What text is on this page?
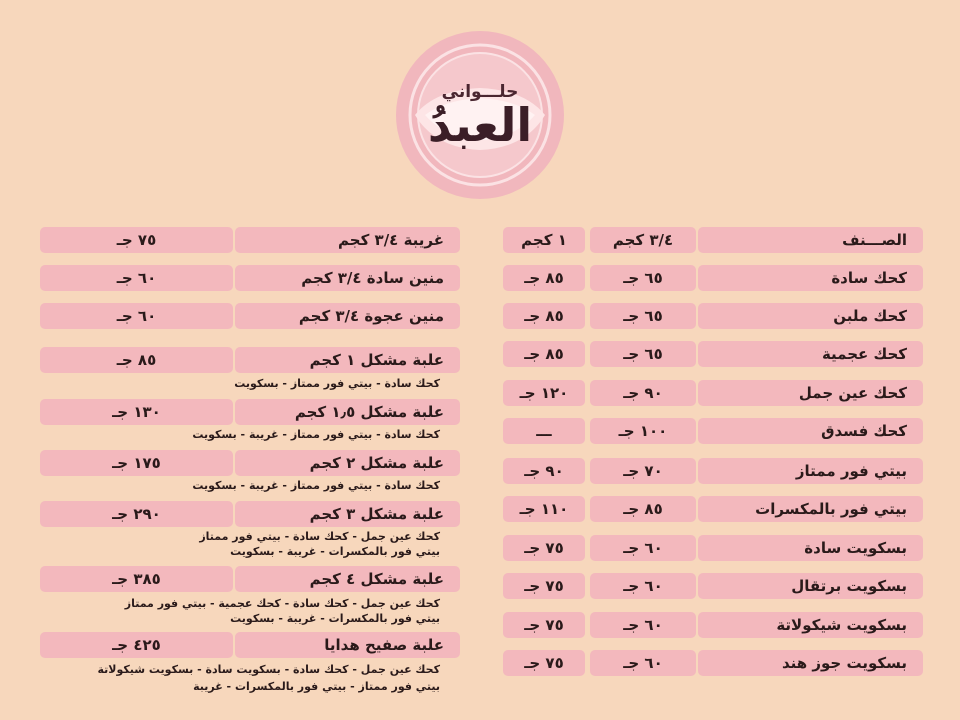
حلـــواني
العبدُ
الصـــنف
٣/٤ كجم
١ كجم
كحك سادة
٦٥ جـ
٨٥ جـ
كحك ملبن
٦٥ جـ
٨٥ جـ
كحك عجمية
٦٥ جـ
٨٥ جـ
كحك عين جمل
٩٠ جـ
١٢٠ جـ
كحك فسدق
١٠٠ جـ
ـــ
بيتي فور ممتاز
٧٠ جـ
٩٠ جـ
بيتي فور بالمكسرات
٨٥ جـ
١١٠ جـ
بسكويت سادة
٦٠ جـ
٧٥ جـ
بسكويت برتقال
٦٠ جـ
٧٥ جـ
بسكويت شيكولاتة
٦٠ جـ
٧٥ جـ
بسكويت جوز هند
٦٠ جـ
٧٥ جـ
غريبة ٣/٤ كجم
٧٥ جـ
منين سادة ٣/٤ كجم
٦٠ جـ
منين عجوة ٣/٤ كجم
٦٠ جـ
علبة مشكل ١ كجم
٨٥ جـ
كحك سادة - بيتي فور ممتاز - بسكويت
علبة مشكل ١٫٥ كجم
١٣٠ جـ
كحك سادة - بيتي فور ممتاز - غريبة - بسكويت
علبة مشكل ٢ كجم
١٧٥ جـ
كحك سادة - بيتي فور ممتاز - غريبة - بسكويت
علبة مشكل ٣ كجم
٢٩٠ جـ
كحك عين جمل - كحك سادة - بيتي فور ممتاز
بيتي فور بالمكسرات - غريبة - بسكويت
علبة مشكل ٤ كجم
٣٨٥ جـ
كحك عين جمل - كحك سادة - كحك عجمية - بيتي فور ممتاز
بيتي فور بالمكسرات - غريبة - بسكويت
علبة صفيح هدايا
٤٢٥ جـ
كحك عين جمل - كحك سادة - بسكويت سادة - بسكويت شيكولاتة
بيتي فور ممتاز - بيتي فور بالمكسرات - غريبة
